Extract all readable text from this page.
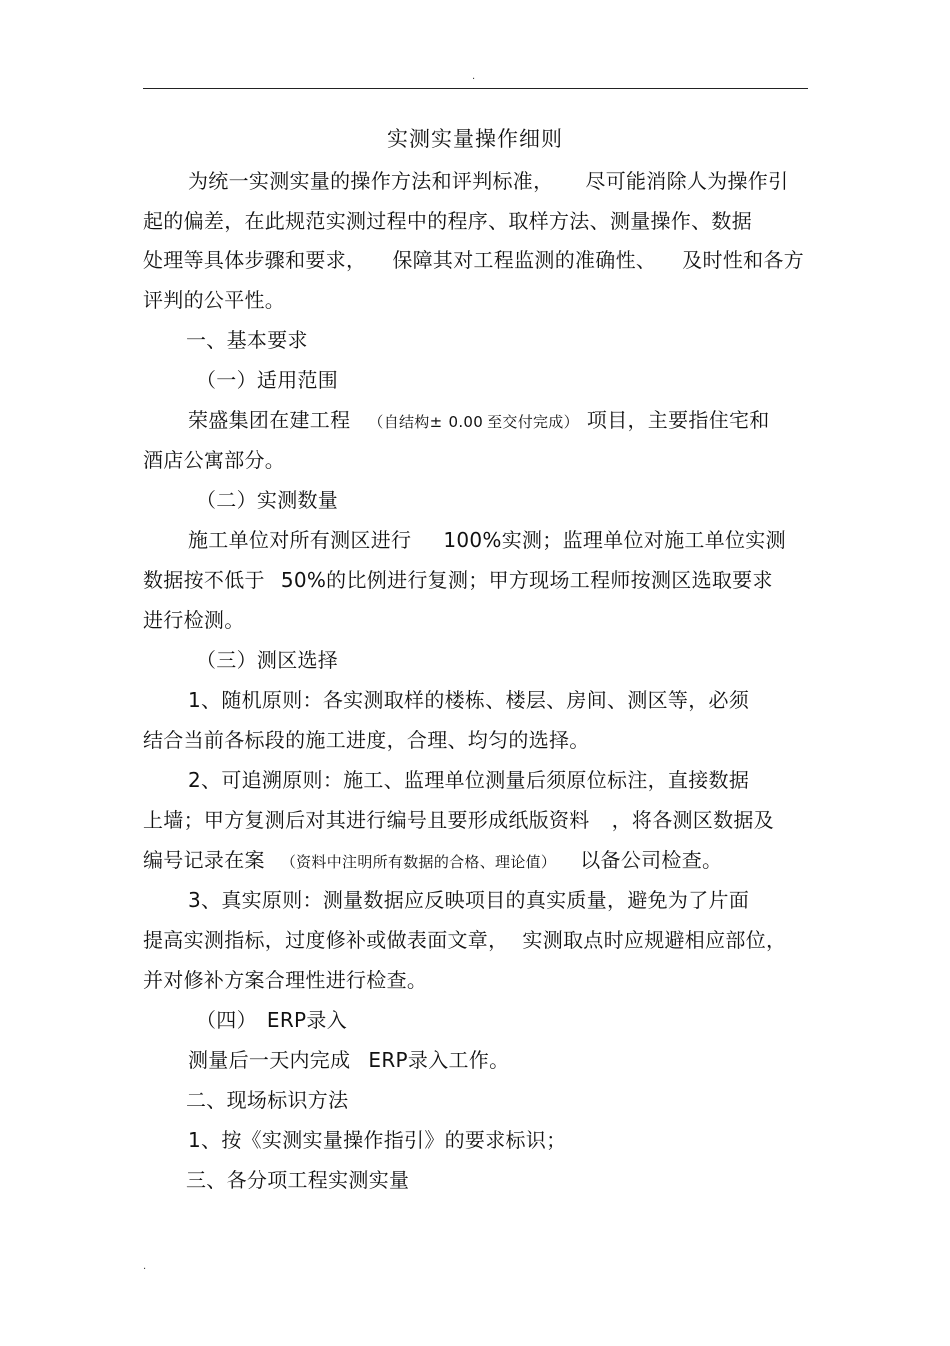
.
实测实量操作细则
为统一实测实量的操作方法和评判标准， 尽可能消除人为操作引
起的偏差，在此规范实测过程中的程序、取样方法、测量操作、数据
处理等具体步骤和要求， 保障其对工程监测的准确性、 及时性和各方
评判的公平性。
一、基本要求
（一）适用范围
荣盛集团在建工程 （自结构± 0.00 至交付完成） 项目，主要指住宅和
酒店公寓部分。
（二）实测数量
施工单位对所有测区进行 100%实测；监理单位对施工单位实测
数据按不低于 50%的比例进行复测；甲方现场工程师按测区选取要求
进行检测。
（三）测区选择
1、随机原则：各实测取样的楼栋、楼层、房间、测区等，必须
结合当前各标段的施工进度，合理、均匀的选择。
2、可追溯原则：施工、监理单位测量后须原位标注，直接数据
上墙；甲方复测后对其进行编号且要形成纸版资料 ，将各测区数据及
编号记录在案 （资料中注明所有数据的合格、理论值） 以备公司检查。
3、真实原则：测量数据应反映项目的真实质量，避免为了片面
提高实测指标，过度修补或做表面文章， 实测取点时应规避相应部位，
并对修补方案合理性进行检查。
（四） ERP录入
测量后一天内完成 ERP录入工作。
二、现场标识方法
1、按《实测实量操作指引》的要求标识；
三、各分项工程实测实量
.
